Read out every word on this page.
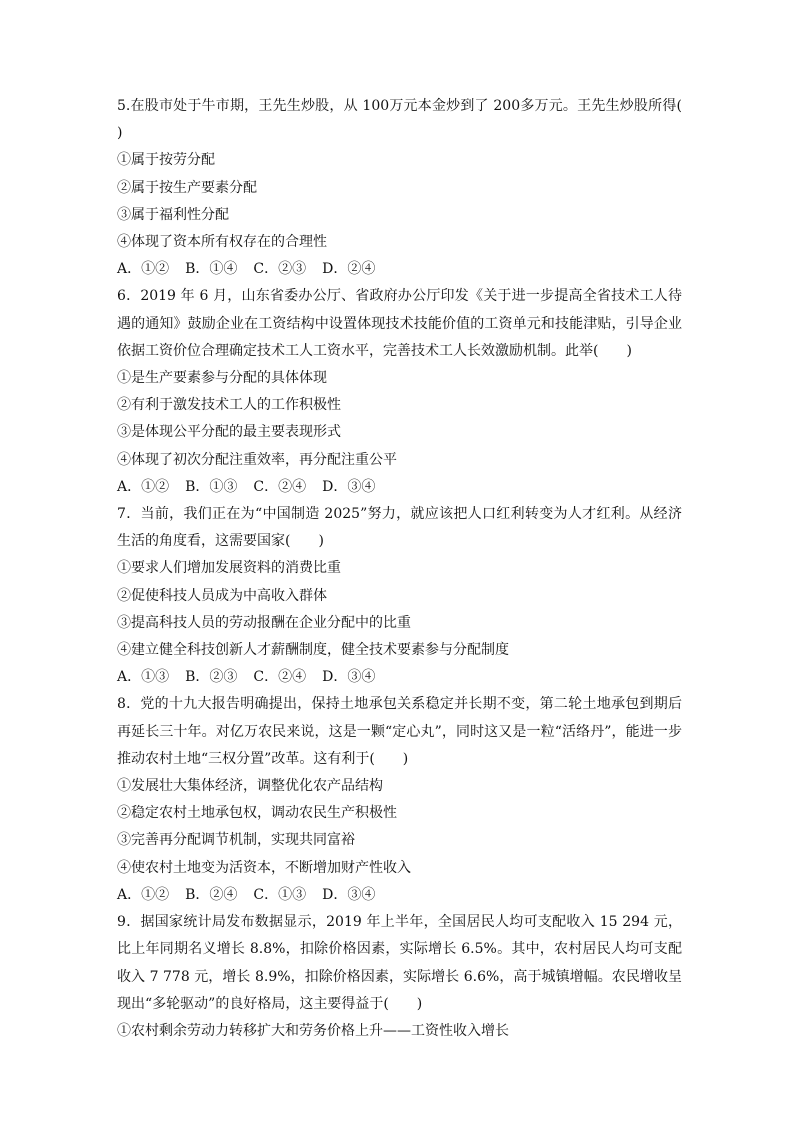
5.在股市处于牛市期，王先生炒股，从 100万元本金炒到了 200多万元。王先生炒股所得(　　)

①属于按劳分配

②属于按生产要素分配

③属于福利性分配

④体现了资本所有权存在的合理性

A．①② B．①④ C．②③ D．②④

6．2019 年 6 月，山东省委办公厅、省政府办公厅印发《关于进一步提高全省技术工人待遇的通知》鼓励企业在工资结构中设置体现技术技能价值的工资单元和技能津贴，引导企业依据工资价位合理确定技术工人工资水平，完善技术工人长效激励机制。此举(　　)

①是生产要素参与分配的具体体现

②有利于激发技术工人的工作积极性

③是体现公平分配的最主要表现形式

④体现了初次分配注重效率，再分配注重公平

A．①② B．①③ C．②④ D．③④

7．当前，我们正在为“中国制造 2025”努力，就应该把人口红利转变为人才红利。从经济生活的角度看，这需要国家(　　)

①要求人们增加发展资料的消费比重

②促使科技人员成为中高收入群体

③提高科技人员的劳动报酬在企业分配中的比重

④建立健全科技创新人才薪酬制度，健全技术要素参与分配制度

A．①③ B．②③ C．②④ D．③④

8．党的十九大报告明确提出，保持土地承包关系稳定并长期不变，第二轮土地承包到期后再延长三十年。对亿万农民来说，这是一颗“定心丸”，同时这又是一粒“活络丹”，能进一步推动农村土地“三权分置”改革。这有利于(　　)

①发展壮大集体经济，调整优化农产品结构

②稳定农村土地承包权，调动农民生产积极性

③完善再分配调节机制，实现共同富裕

④使农村土地变为活资本，不断增加财产性收入

A．①② B．②④ C．①③ D．③④

9．据国家统计局发布数据显示，2019 年上半年，全国居民人均可支配收入 15 294 元，比上年同期名义增长 8.8%，扣除价格因素，实际增长 6.5%。其中，农村居民人均可支配收入 7 778 元，增长 8.9%，扣除价格因素，实际增长 6.6%，高于城镇增幅。农民增收呈现出“多轮驱动”的良好格局，这主要得益于(　　)

①农村剩余劳动力转移扩大和劳务价格上升——工资性收入增长
